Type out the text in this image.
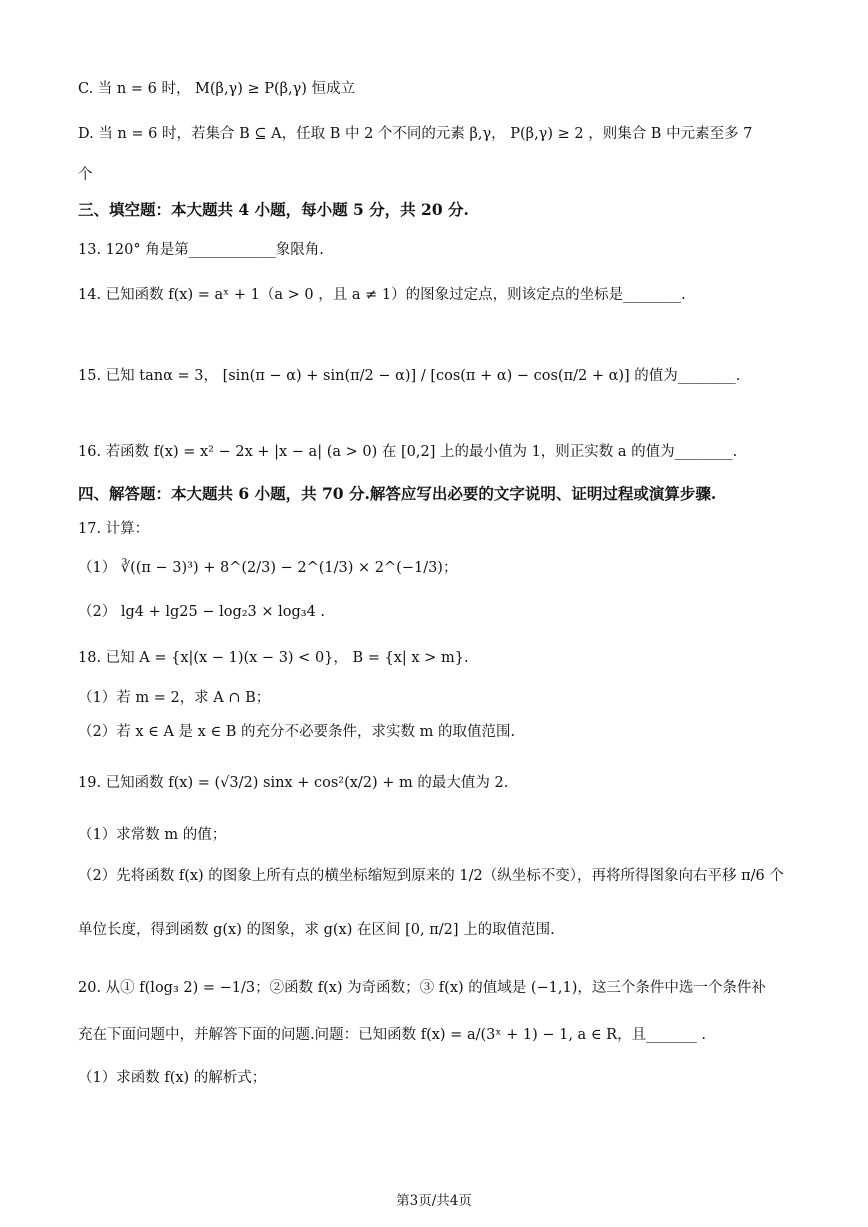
C. 当 n = 6 时， M(β,γ) ≥ P(β,γ) 恒成立
D. 当 n = 6 时，若集合 B ⊆ A，任取 B 中 2 个不同的元素 β,γ， P(β,γ) ≥ 2 ，则集合 B 中元素至多 7
个
三、填空题：本大题共 4 小题，每小题 5 分，共 20 分.
13. 120° 角是第____________象限角.
14. 已知函数 f(x) = aˣ + 1（a > 0 ，且 a ≠ 1）的图象过定点，则该定点的坐标是________.
15. 已知 tanα = 3， [sin(π − α) + sin(π/2 − α)] / [cos(π + α) − cos(π/2 + α)] 的值为________.
16. 若函数 f(x) = x² − 2x + |x − a| (a > 0) 在 [0,2] 上的最小值为 1，则正实数 a 的值为________.
四、解答题：本大题共 6 小题，共 70 分.解答应写出必要的文字说明、证明过程或演算步骤.
17. 计算：
（1） ∛((π − 3)³) + 8^(2/3) − 2^(1/3) × 2^(−1/3)；
（2） lg4 + lg25 − log₂3 × log₃4 .
18. 已知 A = {x|(x − 1)(x − 3) < 0}， B = {x| x > m}.
（1）若 m = 2，求 A ∩ B；
（2）若 x ∈ A 是 x ∈ B 的充分不必要条件，求实数 m 的取值范围.
19. 已知函数 f(x) = (√3/2) sinx + cos²(x/2) + m 的最大值为 2.
（1）求常数 m 的值；
（2）先将函数 f(x) 的图象上所有点的横坐标缩短到原来的 1/2（纵坐标不变），再将所得图象向右平移 π/6 个
单位长度，得到函数 g(x) 的图象，求 g(x) 在区间 [0, π/2] 上的取值范围.
20. 从① f(log₃ 2) = −1/3；②函数 f(x) 为奇函数；③ f(x) 的值域是 (−1,1)，这三个条件中选一个条件补
充在下面问题中，并解答下面的问题.问题：已知函数 f(x) = a/(3ˣ + 1) − 1, a ∈ R，且_______ .
（1）求函数 f(x) 的解析式；
第3页/共4页
